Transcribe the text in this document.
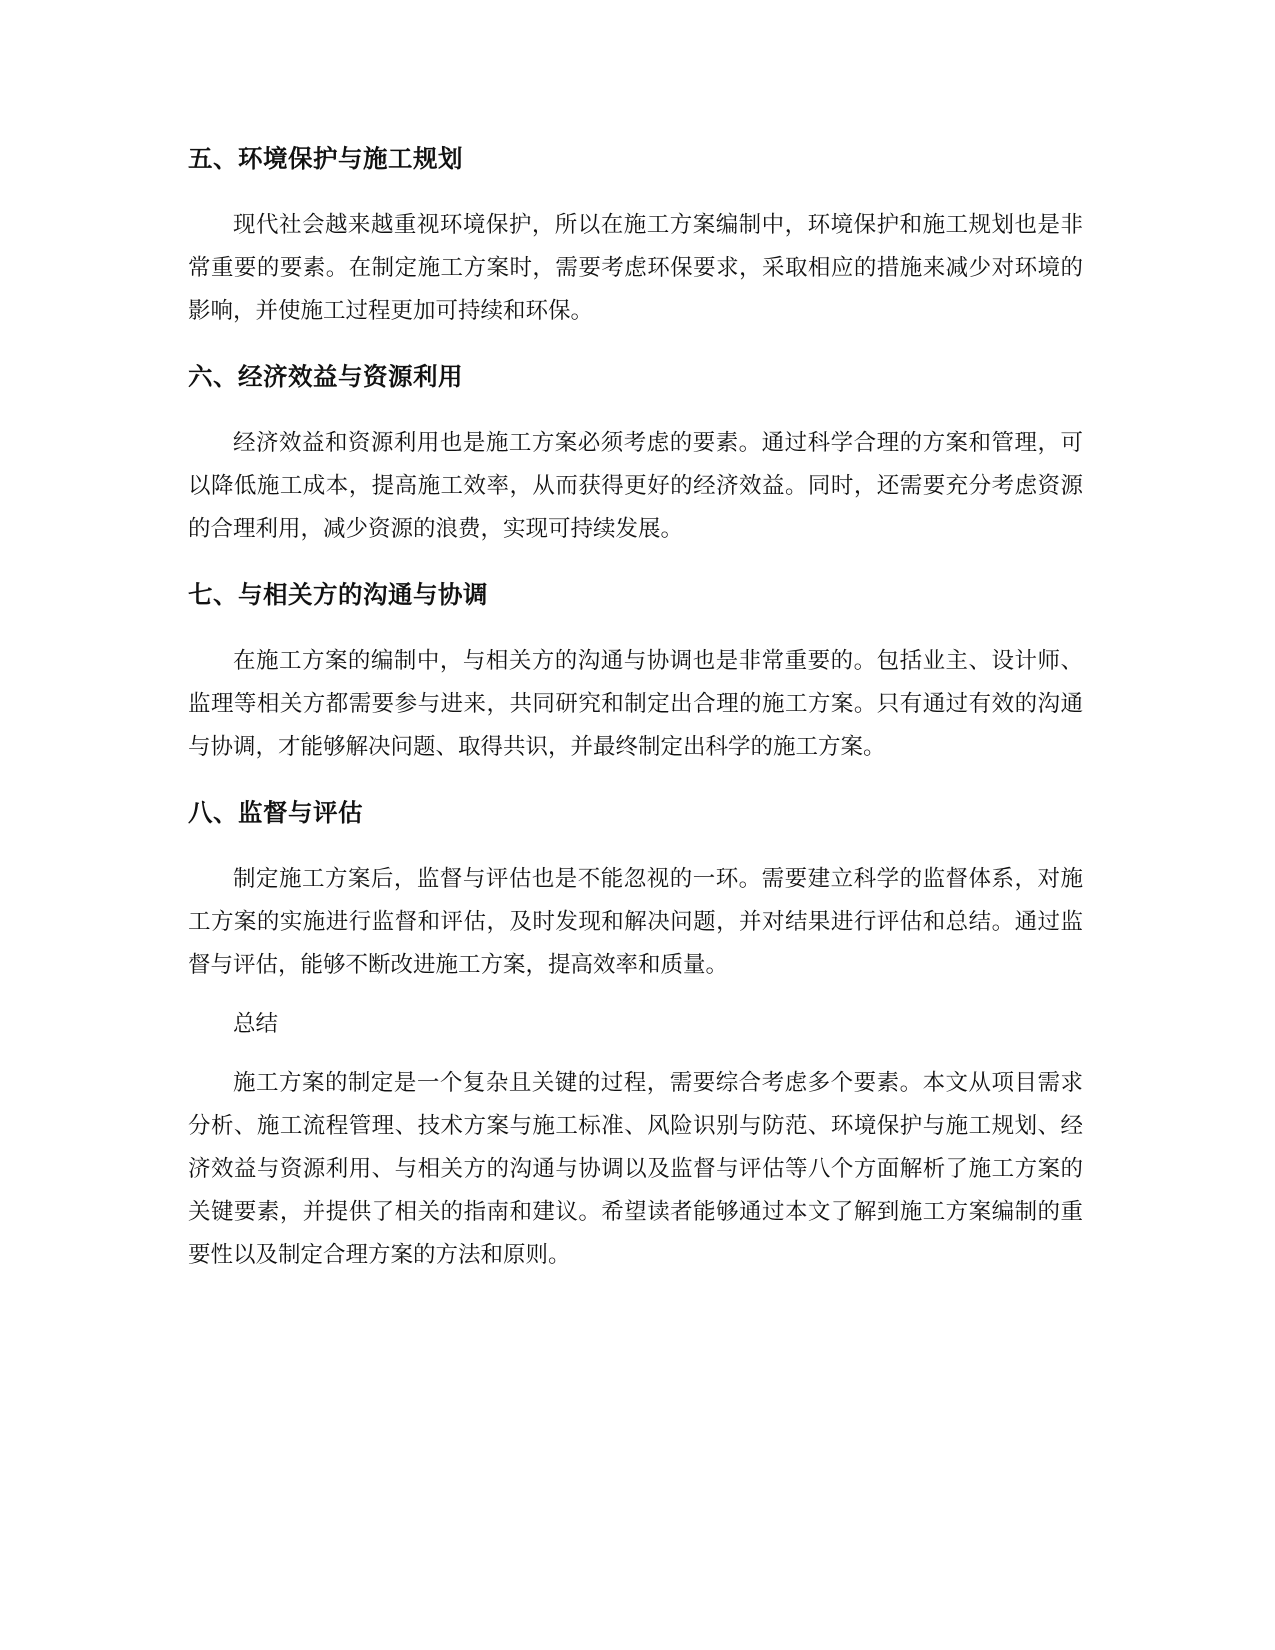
五、环境保护与施工规划

现代社会越来越重视环境保护，所以在施工方案编制中，环境保护和施工规划也是非常重要的要素。在制定施工方案时，需要考虑环保要求，采取相应的措施来减少对环境的影响，并使施工过程更加可持续和环保。

六、经济效益与资源利用

经济效益和资源利用也是施工方案必须考虑的要素。通过科学合理的方案和管理，可以降低施工成本，提高施工效率，从而获得更好的经济效益。同时，还需要充分考虑资源的合理利用，减少资源的浪费，实现可持续发展。

七、与相关方的沟通与协调

在施工方案的编制中，与相关方的沟通与协调也是非常重要的。包括业主、设计师、监理等相关方都需要参与进来，共同研究和制定出合理的施工方案。只有通过有效的沟通与协调，才能够解决问题、取得共识，并最终制定出科学的施工方案。

八、监督与评估

制定施工方案后，监督与评估也是不能忽视的一环。需要建立科学的监督体系，对施工方案的实施进行监督和评估，及时发现和解决问题，并对结果进行评估和总结。通过监督与评估，能够不断改进施工方案，提高效率和质量。

总结

施工方案的制定是一个复杂且关键的过程，需要综合考虑多个要素。本文从项目需求分析、施工流程管理、技术方案与施工标准、风险识别与防范、环境保护与施工规划、经济效益与资源利用、与相关方的沟通与协调以及监督与评估等八个方面解析了施工方案的关键要素，并提供了相关的指南和建议。希望读者能够通过本文了解到施工方案编制的重要性以及制定合理方案的方法和原则。
